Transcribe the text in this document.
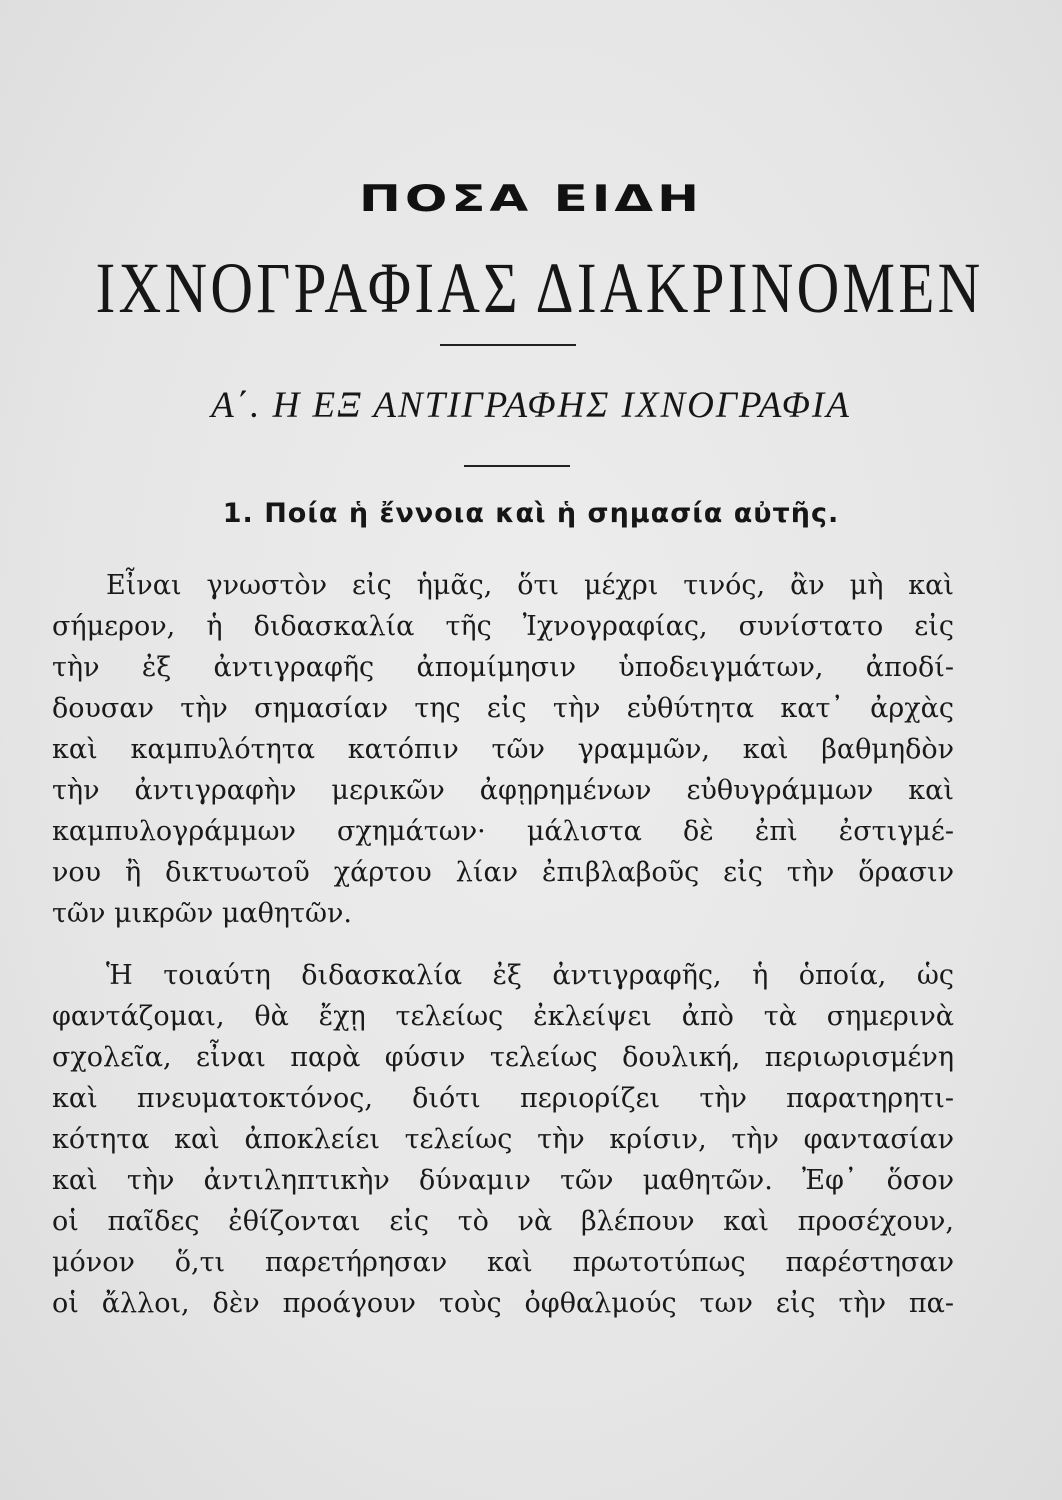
ΠΟΣΑ ΕΙΔΗ
ΙΧΝΟΓΡΑΦΙΑΣ ΔΙΑΚΡΙΝΟΜΕΝ
Α΄. Η ΕΞ ΑΝΤΙΓΡΑΦΗΣ ΙΧΝΟΓΡΑΦΙΑ
1. Ποία ἡ ἔννοια καὶ ἡ σημασία αὐτῆς.
Εἶναι γνωστὸν εἰς ἡμᾶς, ὅτι μέχρι τινός, ἂν μὴ καὶ
σήμερον, ἡ διδασκαλία τῆς Ἰχνογραφίας, συνίστατο εἰς
τὴν ἐξ ἀντιγραφῆς ἀπομίμησιν ὑποδειγμάτων, ἀποδί-
δουσαν τὴν σημασίαν της εἰς τὴν εὐθύτητα κατ᾿ ἀρχὰς
καὶ καμπυλότητα κατόπιν τῶν γραμμῶν, καὶ βαθμηδὸν
τὴν ἀντιγραφὴν μερικῶν ἀφῃρημένων εὐθυγράμμων καὶ
καμπυλογράμμων σχημάτων· μάλιστα δὲ ἐπὶ ἐστιγμέ-
νου ἢ δικτυωτοῦ χάρτου λίαν ἐπιβλαβοῦς εἰς τὴν ὅρασιν
τῶν μικρῶν μαθητῶν.
Ἡ τοιαύτη διδασκαλία ἐξ ἀντιγραφῆς, ἡ ὁποία, ὡς
φαντάζομαι, θὰ ἔχῃ τελείως ἐκλείψει ἀπὸ τὰ σημερινὰ
σχολεῖα, εἶναι παρὰ φύσιν τελείως δουλική, περιωρισμένη
καὶ πνευματοκτόνος, διότι περιορίζει τὴν παρατηρητι-
κότητα καὶ ἀποκλείει τελείως τὴν κρίσιν, τὴν φαντασίαν
καὶ τὴν ἀντιληπτικὴν δύναμιν τῶν μαθητῶν. Ἐφ᾿ ὅσον
οἱ παῖδες ἐθίζονται εἰς τὸ νὰ βλέπουν καὶ προσέχουν,
μόνον ὅ,τι παρετήρησαν καὶ πρωτοτύπως παρέστησαν
οἱ ἄλλοι, δὲν προάγουν τοὺς ὀφθαλμούς των εἰς τὴν πα-
